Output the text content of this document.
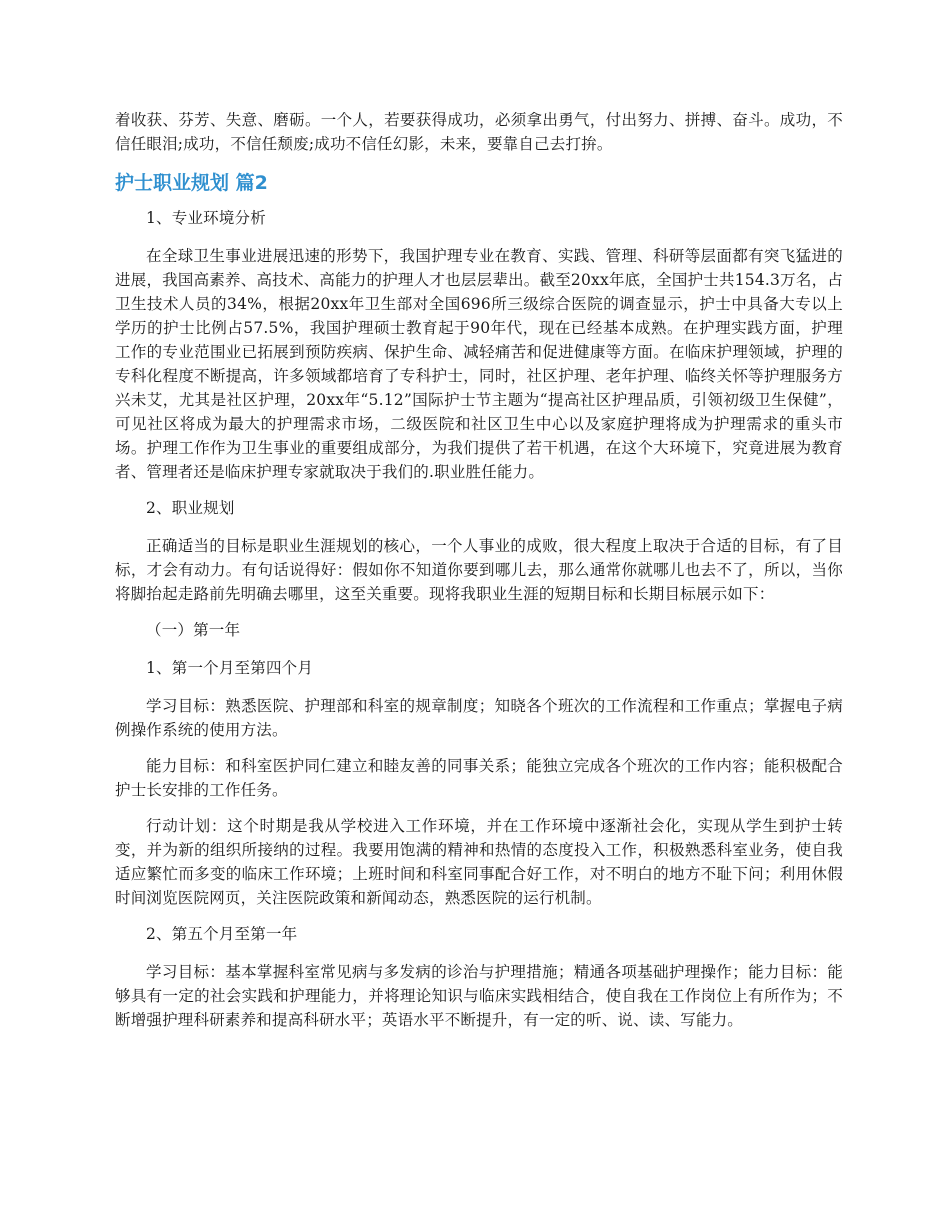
着收获、芬芳、失意、磨砺。一个人，若要获得成功，必须拿出勇气，付出努力、拼搏、奋斗。成功，不信任眼泪;成功，不信任颓废;成功不信任幻影，未来，要靠自己去打拚。

护士职业规划 篇2

1、专业环境分析

在全球卫生事业进展迅速的形势下，我国护理专业在教育、实践、管理、科研等层面都有突飞猛进的进展，我国高素养、高技术、高能力的护理人才也层层辈出。截至20xx年底，全国护士共154.3万名，占卫生技术人员的34%，根据20xx年卫生部对全国696所三级综合医院的调查显示，护士中具备大专以上学历的护士比例占57.5%，我国护理硕士教育起于90年代，现在已经基本成熟。在护理实践方面，护理工作的专业范围业已拓展到预防疾病、保护生命、减轻痛苦和促进健康等方面。在临床护理领域，护理的专科化程度不断提高，许多领域都培育了专科护士，同时，社区护理、老年护理、临终关怀等护理服务方兴未艾，尤其是社区护理，20xx年“5.12”国际护士节主题为“提高社区护理品质，引领初级卫生保健”，可见社区将成为最大的护理需求市场，二级医院和社区卫生中心以及家庭护理将成为护理需求的重头市场。护理工作作为卫生事业的重要组成部分，为我们提供了若干机遇，在这个大环境下，究竟进展为教育者、管理者还是临床护理专家就取决于我们的.职业胜任能力。

2、职业规划

正确适当的目标是职业生涯规划的核心，一个人事业的成败，很大程度上取决于合适的目标，有了目标，才会有动力。有句话说得好：假如你不知道你要到哪儿去，那么通常你就哪儿也去不了，所以，当你将脚抬起走路前先明确去哪里，这至关重要。现将我职业生涯的短期目标和长期目标展示如下：

（一）第一年

1、第一个月至第四个月

学习目标：熟悉医院、护理部和科室的规章制度；知晓各个班次的工作流程和工作重点；掌握电子病例操作系统的使用方法。

能力目标：和科室医护同仁建立和睦友善的同事关系；能独立完成各个班次的工作内容；能积极配合护士长安排的工作任务。

行动计划：这个时期是我从学校进入工作环境，并在工作环境中逐渐社会化，实现从学生到护士转变，并为新的组织所接纳的过程。我要用饱满的精神和热情的态度投入工作，积极熟悉科室业务，使自我适应繁忙而多变的临床工作环境；上班时间和科室同事配合好工作，对不明白的地方不耻下问；利用休假时间浏览医院网页，关注医院政策和新闻动态，熟悉医院的运行机制。

2、第五个月至第一年

学习目标：基本掌握科室常见病与多发病的诊治与护理措施；精通各项基础护理操作；能力目标：能够具有一定的社会实践和护理能力，并将理论知识与临床实践相结合，使自我在工作岗位上有所作为；不断增强护理科研素养和提高科研水平；英语水平不断提升，有一定的听、说、读、写能力。
